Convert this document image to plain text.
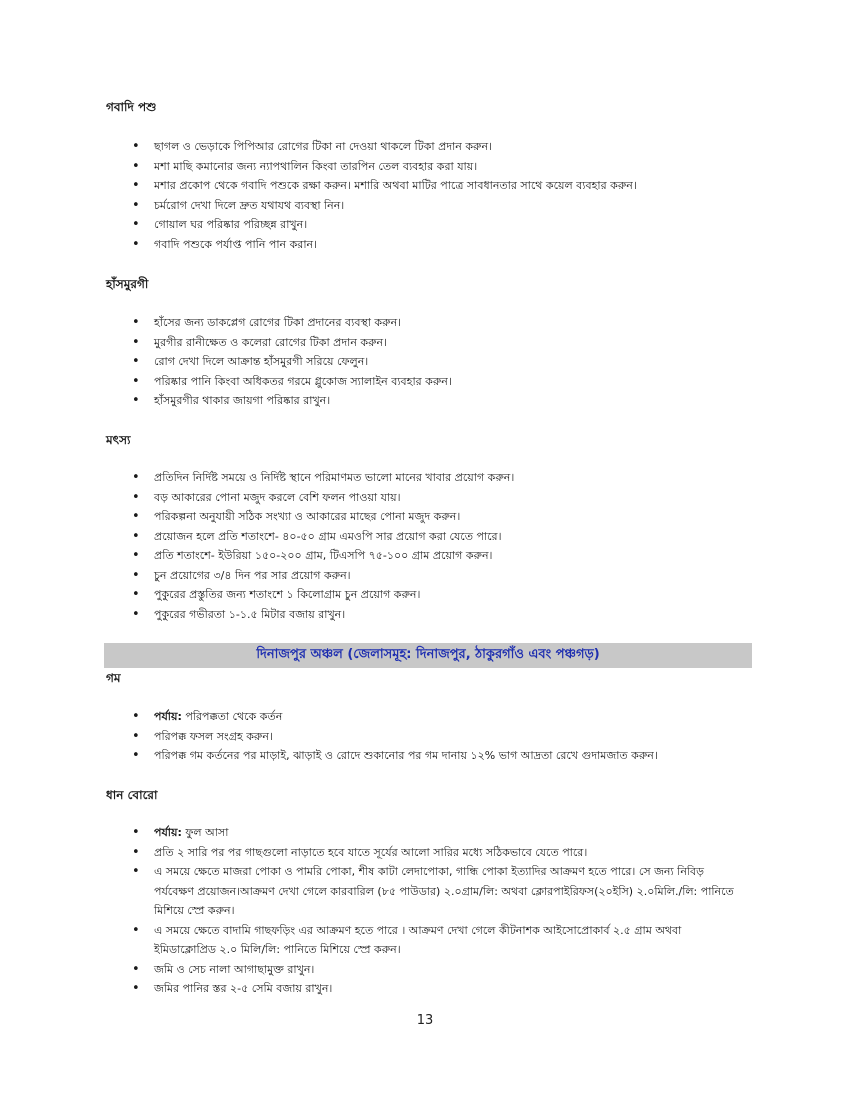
গবাদি পশু
• ছাগল ও ভেড়াকে পিপিআর রোগের টিকা না দেওয়া থাকলে টিকা প্রদান করুন।
• মশা মাছি কমানোর জন্য ন্যাপথালিন কিংবা তারপিন তেল ব্যবহার করা যায়।
• মশার প্রকোপ থেকে গবাদি পশুকে রক্ষা করুন। মশারি অথবা মাটির পাত্রে সাবধানতার সাথে কয়েল ব্যবহার করুন।
• চর্মরোগ দেখা দিলে দ্রুত যথাযথ ব্যবস্থা নিন।
• গোয়াল ঘর পরিষ্কার পরিচ্ছন্ন রাখুন।
• গবাদি পশুকে পর্যাপ্ত পানি পান করান।
হাঁসমুরগী
• হাঁসের জন্য ডাকপ্লেগ রোগের টিকা প্রদানের ব্যবস্থা করুন।
• মুরগীর রানীক্ষেত ও কলেরা রোগের টিকা প্রদান করুন।
• রোগ দেখা দিলে আক্রান্ত হাঁসমুরগী সরিয়ে ফেলুন।
• পরিষ্কার পানি কিংবা অধিকতর গরমে গ্লুকোজ স্যালাইন ব্যবহার করুন।
• হাঁসমুরগীর থাকার জায়গা পরিষ্কার রাখুন।
মৎস্য
• প্রতিদিন নির্দিষ্ট সময়ে ও নির্দিষ্ট স্থানে পরিমাণমত ভালো মানের খাবার প্রয়োগ করুন।
• বড় আকারের পোনা মজুদ করলে বেশি ফলন পাওয়া যায়।
• পরিকল্পনা অনুযায়ী সঠিক সংখ্যা ও আকারের মাছের পোনা মজুদ করুন।
• প্রয়োজন হলে প্রতি শতাংশে- ৪০-৫০ গ্রাম এমওপি সার প্রয়োগ করা যেতে পারে।
• প্রতি শতাংশে- ইউরিয়া ১৫০-২০০ গ্রাম, টিএসপি ৭৫-১০০ গ্রাম প্রয়োগ করুন।
• চুন প্রয়োগের ৩/৪ দিন পর সার প্রয়োগ করুন।
• পুকুরের প্রস্তুতির জন্য শতাংশে ১ কিলোগ্রাম চুন প্রয়োগ করুন।
• পুকুরের গভীরতা ১-১.৫ মিটার বজায় রাখুন।
দিনাজপুর অঞ্চল (জেলাসমূহ: দিনাজপুর, ঠাকুরগাঁও এবং পঞ্চগড়)
গম
• পর্যায়: পরিপক্কতা থেকে কর্তন
• পরিপক্ক ফসল সংগ্রহ করুন।
• পরিপক্ক গম কর্তনের পর মাড়াই, ঝাড়াই ও রোদে শুকানোর পর গম দানায় ১২% ভাগ আদ্রতা রেখে গুদামজাত করুন।
ধান বোরো
• পর্যায়: ফুল আসা
• প্রতি ২ সারি পর পর গাছগুলো নাড়াতে হবে যাতে সূর্যের আলো সারির মধ্যে সঠিকভাবে যেতে পারে।
• এ সময়ে ক্ষেতে মাজরা পোকা ও পামরি পোকা, শীষ কাটা লেদাপোকা, গান্ধি পোকা ইত্যাদির আক্রমণ হতে পারে। সে জন্য নিবিড় পর্যবেক্ষণ প্রয়োজন।আক্রমণ দেখা গেলে কারবারিল (৮৫ পাউডার) ২.০গ্রাম/লি: অথবা ক্লোরপাইরিফস(২০ইসি) ২.০মিলি./লি: পানিতে মিশিয়ে স্প্রে করুন।
• এ সময়ে ক্ষেতে বাদামি গাছফড়িং এর আক্রমণ হতে পারে । আক্রমণ দেখা গেলে কীটনাশক আইসোপ্রোকার্ব ২.৫ গ্রাম অথবা ইমিডাক্লোপ্রিড ২.০ মিলি/লি: পানিতে মিশিয়ে স্প্রে করুন।
• জমি ও সেচ নালা আগাছামুক্ত রাখুন।
• জমির পানির স্তর ২-৫ সেমি বজায় রাখুন।
13
